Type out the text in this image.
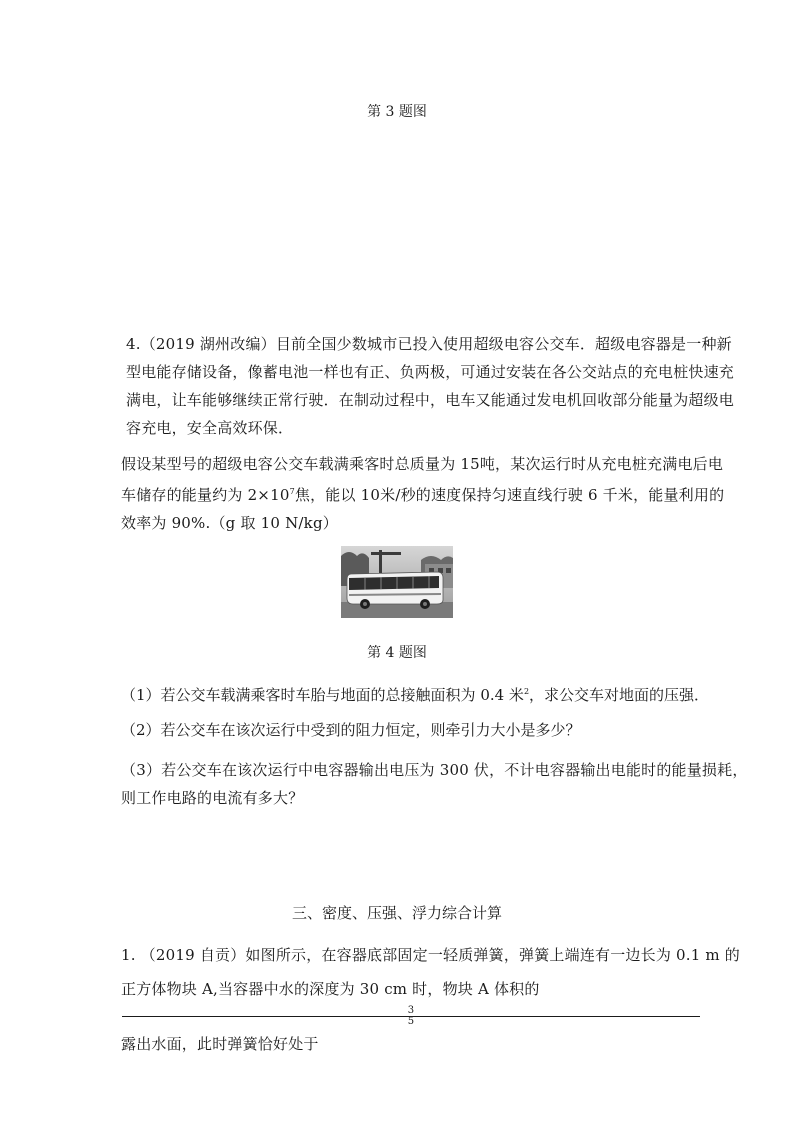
第 3 题图
4.（2019 湖州改编）目前全国少数城市已投入使用超级电容公交车．超级电容器是一种新
型电能存储设备，像蓄电池一样也有正、负两极，可通过安装在各公交站点的充电桩快速充
满电，让车能够继续正常行驶．在制动过程中，电车又能通过发电机回收部分能量为超级电
容充电，安全高效环保．
假设某型号的超级电容公交车载满乘客时总质量为 15吨，某次运行时从充电桩充满电后电
车储存的能量约为 $2\times 10^7$焦，能以 10米/秒的速度保持匀速直线行驶 6 千米，能量利用的
效率为 90%.（g 取 10 N/kg）
第 4 题图
（1）若公交车载满乘客时车胎与地面的总接触面积为 0.4 米$^2$，求公交车对地面的压强．
（2）若公交车在该次运行中受到的阻力恒定，则牵引力大小是多少？
（3）若公交车在该次运行中电容器输出电压为 300 伏，不计电容器输出电能时的能量损耗，
则工作电路的电流有多大？
三、密度、压强、浮力综合计算
1. （2019 自贡）如图所示，在容器底部固定一轻质弹簧，弹簧上端连有一边长为 0.1 m 的
正方体物块 A,当容器中水的深度为 30 cm 时，物块 A 体积的
3
5
露出水面，此时弹簧恰好处于
